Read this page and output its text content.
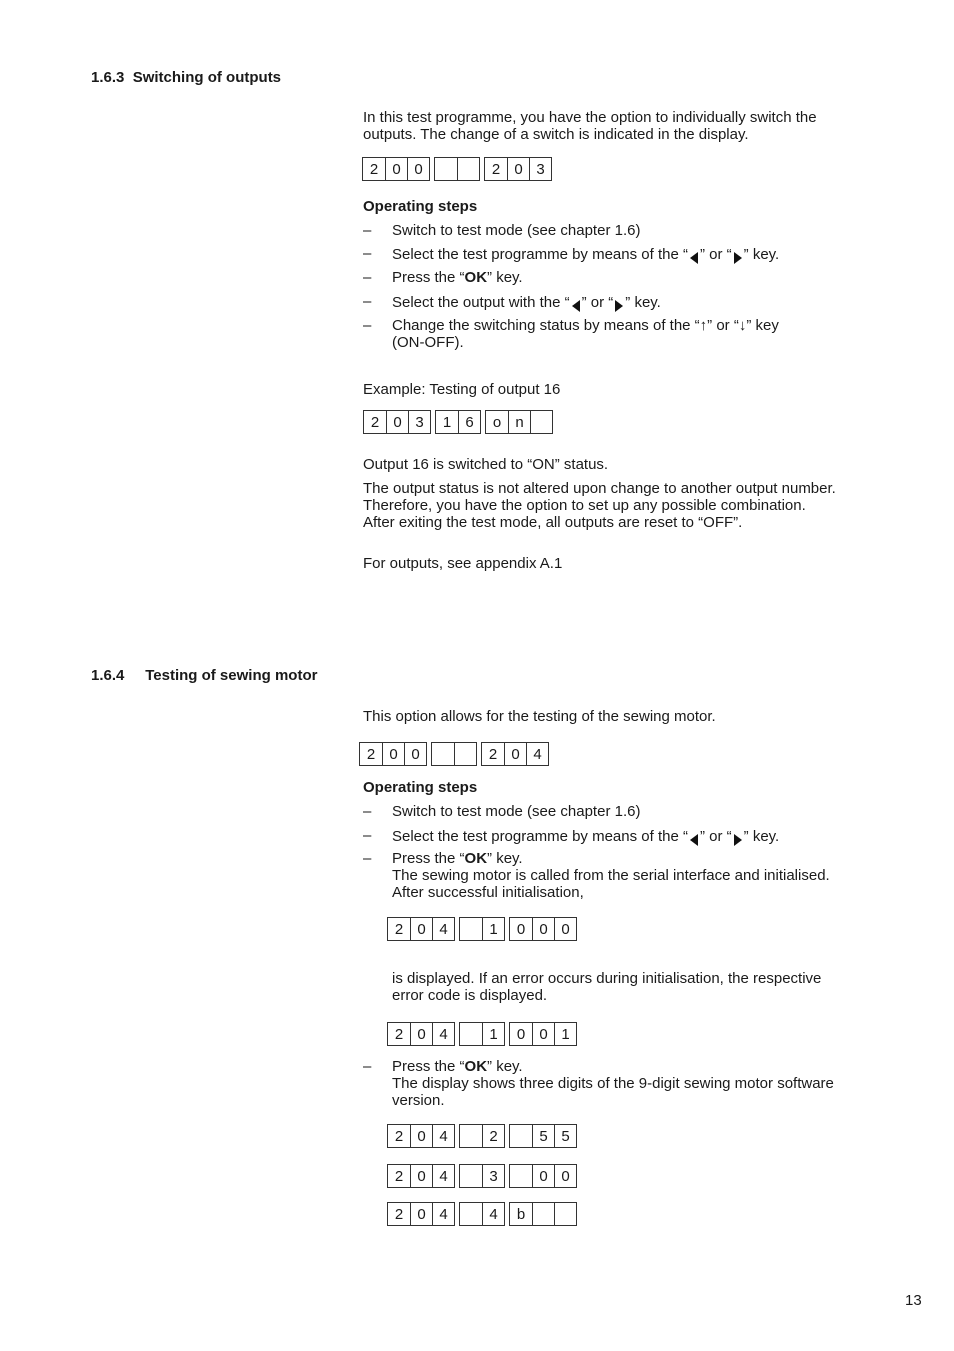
1.6.3 Switching of outputs
In this test programme, you have the option to individually switch the
outputs. The change of a switch is indicated in the display.
2 0 0	2 0 3
Operating steps
– Switch to test mode (see chapter 1.6)
– Select the test programme by means of the “ ” or “ ” key.
– Press the “OK” key.
– Select the output with the “ ” or “ ” key.
– Change the switching status by means of the “↑” or “↓” key
(ON-OFF).
Example: Testing of output 16
2 0 3	1 6	o n
Output 16 is switched to “ON” status.
The output status is not altered upon change to another output number.
Therefore, you have the option to set up any possible combination.
After exiting the test mode, all outputs are reset to “OFF”.
For outputs, see appendix A.1
1.6.4 Testing of sewing motor
This option allows for the testing of the sewing motor.
2 0 0	2 0 4
Operating steps
– Switch to test mode (see chapter 1.6)
– Select the test programme by means of the “ ” or “ ” key.
– Press the “OK” key.
The sewing motor is called from the serial interface and initialised.
After successful initialisation,
2 0 4	1	0 0 0
is displayed. If an error occurs during initialisation, the respective
error code is displayed.
2 0 4	1	0 0 1
– Press the “OK” key.
The display shows three digits of the 9-digit sewing motor software
version.
2 0 4	2	5 5
2 0 4	3	0 0
2 0 4	4	b
13
